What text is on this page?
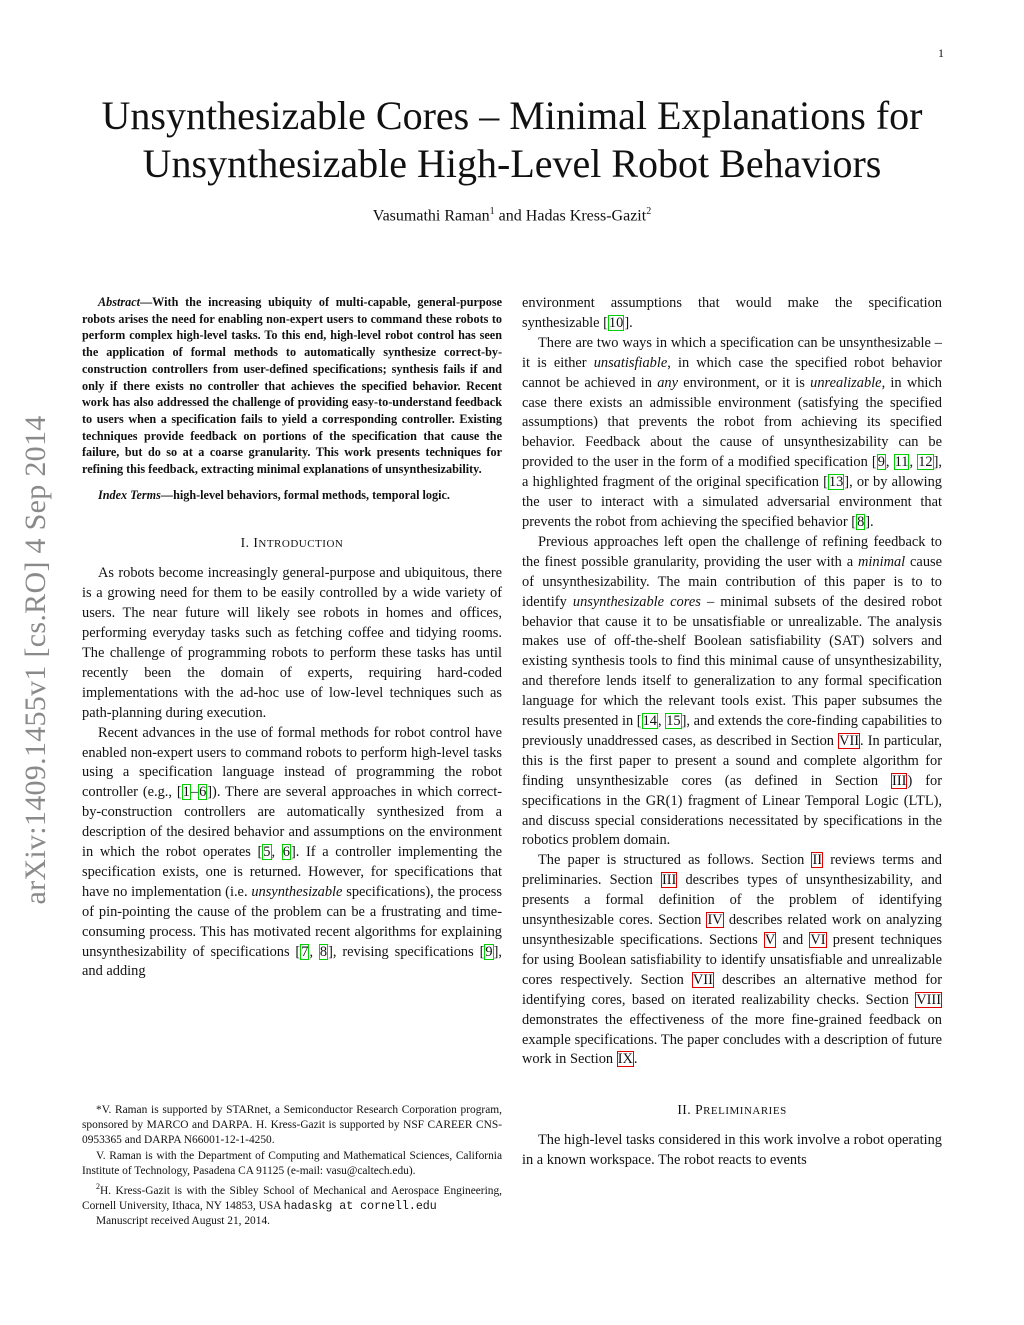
1
arXiv:1409.1455v1 [cs.RO] 4 Sep 2014
Unsynthesizable Cores – Minimal Explanations for
Unsynthesizable High-Level Robot Behaviors
Vasumathi Raman$^1$ and Hadas Kress-Gazit$^2$

Abstract—With the increasing ubiquity of multi-capable, general-purpose robots arises the need for enabling non-expert users to command these robots to perform complex high-level tasks. To this end, high-level robot control has seen the application of formal methods to automatically synthesize correct-by-construction controllers from user-defined specifications; synthesis fails if and only if there exists no controller that achieves the specified behavior. Recent work has also addressed the challenge of providing easy-to-understand feedback to users when a specification fails to yield a corresponding controller. Existing techniques provide feedback on portions of the specification that cause the failure, but do so at a coarse granularity. This work presents techniques for refining this feedback, extracting minimal explanations of unsynthesizability.

Index Terms—high-level behaviors, formal methods, temporal logic.

I. INTRODUCTION

As robots become increasingly general-purpose and ubiquitous, there is a growing need for them to be easily controlled by a wide variety of users. The near future will likely see robots in homes and offices, performing everyday tasks such as fetching coffee and tidying rooms. The challenge of programming robots to perform these tasks has until recently been the domain of experts, requiring hard-coded implementations with the ad-hoc use of low-level techniques such as path-planning during execution.

Recent advances in the use of formal methods for robot control have enabled non-expert users to command robots to perform high-level tasks using a specification language instead of programming the robot controller (e.g., [1–6]). There are several approaches in which correct-by-construction controllers are automatically synthesized from a description of the desired behavior and assumptions on the environment in which the robot operates [5, 6]. If a controller implementing the specification exists, one is returned. However, for specifications that have no implementation (i.e. unsynthesizable specifications), the process of pin-pointing the cause of the problem can be a frustrating and time-consuming process. This has motivated recent algorithms for explaining unsynthesizability of specifications [7, 8], revising specifications [9], and adding

*V. Raman is supported by STARnet, a Semiconductor Research Corporation program, sponsored by MARCO and DARPA. H. Kress-Gazit is supported by NSF CAREER CNS-0953365 and DARPA N66001-12-1-4250.

V. Raman is with the Department of Computing and Mathematical Sciences, California Institute of Technology, Pasadena CA 91125 (e-mail: vasu@caltech.edu).

$^2$H. Kress-Gazit is with the Sibley School of Mechanical and Aerospace Engineering, Cornell University, Ithaca, NY 14853, USA hadaskg at cornell.edu

Manuscript received August 21, 2014.

environment assumptions that would make the specification synthesizable [10].

There are two ways in which a specification can be unsynthesizable – it is either unsatisfiable, in which case the specified robot behavior cannot be achieved in any environment, or it is unrealizable, in which case there exists an admissible environment (satisfying the specified assumptions) that prevents the robot from achieving its specified behavior. Feedback about the cause of unsynthesizability can be provided to the user in the form of a modified specification [9, 11, 12], a highlighted fragment of the original specification [13], or by allowing the user to interact with a simulated adversarial environment that prevents the robot from achieving the specified behavior [8].

Previous approaches left open the challenge of refining feedback to the finest possible granularity, providing the user with a minimal cause of unsynthesizability. The main contribution of this paper is to to identify unsynthesizable cores – minimal subsets of the desired robot behavior that cause it to be unsatisfiable or unrealizable. The analysis makes use of off-the-shelf Boolean satisfiability (SAT) solvers and existing synthesis tools to find this minimal cause of unsynthesizability, and therefore lends itself to generalization to any formal specification language for which the relevant tools exist. This paper subsumes the results presented in [14, 15], and extends the core-finding capabilities to previously unaddressed cases, as described in Section VII. In particular, this is the first paper to present a sound and complete algorithm for finding unsynthesizable cores (as defined in Section III) for specifications in the GR(1) fragment of Linear Temporal Logic (LTL), and discuss special considerations necessitated by specifications in the robotics problem domain.

The paper is structured as follows. Section II reviews terms and preliminaries. Section III describes types of unsynthesizability, and presents a formal definition of the problem of identifying unsynthesizable cores. Section IV describes related work on analyzing unsynthesizable specifications. Sections V and VI present techniques for using Boolean satisfiability to identify unsatisfiable and unrealizable cores respectively. Section VII describes an alternative method for identifying cores, based on iterated realizability checks. Section VIII demonstrates the effectiveness of the more fine-grained feedback on example specifications. The paper concludes with a description of future work in Section IX.

II. PRELIMINARIES

The high-level tasks considered in this work involve a robot operating in a known workspace. The robot reacts to events
